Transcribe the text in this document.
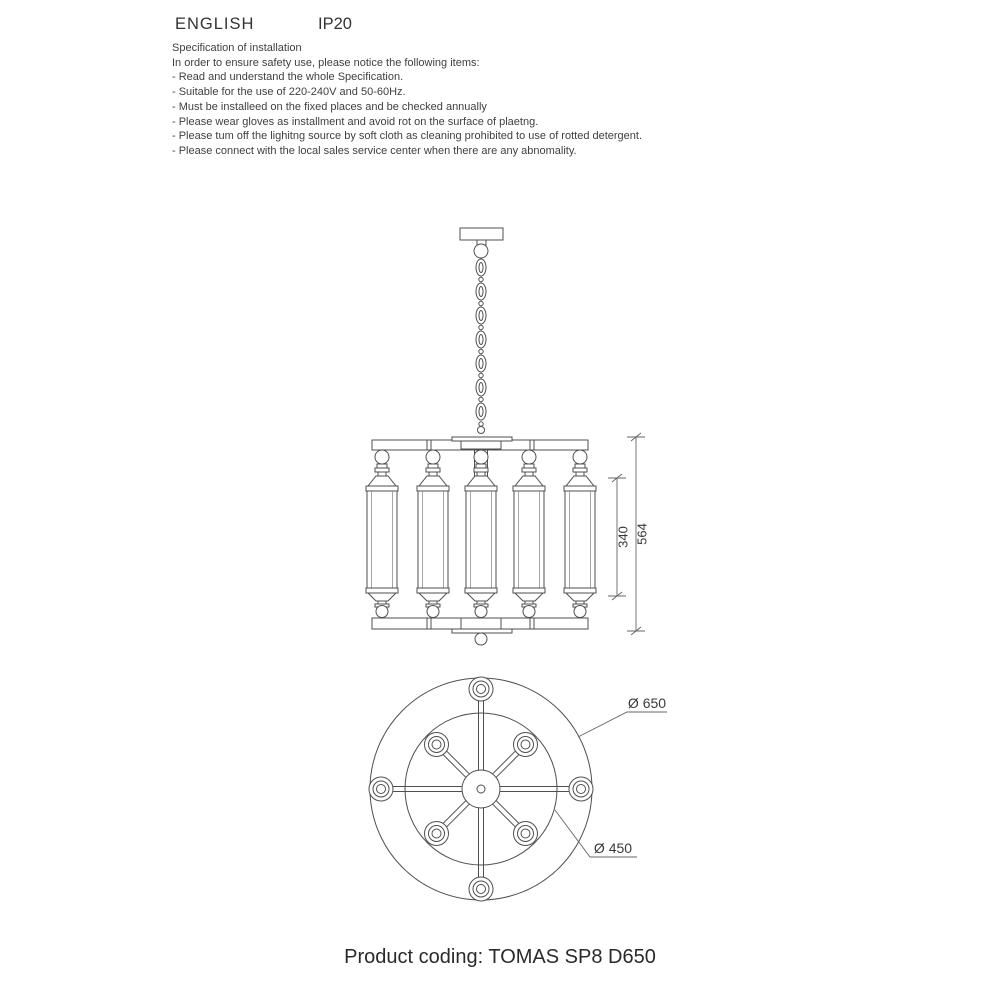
ENGLISH	IP20
Specification of installation
In order to ensure safety use, please notice the following items:
- Read and understand the whole Specification.
- Suitable for the use of 220-240V and 50-60Hz.
- Must be installeed on the fixed places and be checked annually
- Please wear gloves as installment and avoid rot on the surface of plaetng.
- Please tum off the lighitng source by soft cloth as cleaning prohibited to use of rotted detergent.
- Please connect with the local sales service center when there are any abnomality.
564
340
Ø 650
Ø 450
Product coding: TOMAS SP8 D650
